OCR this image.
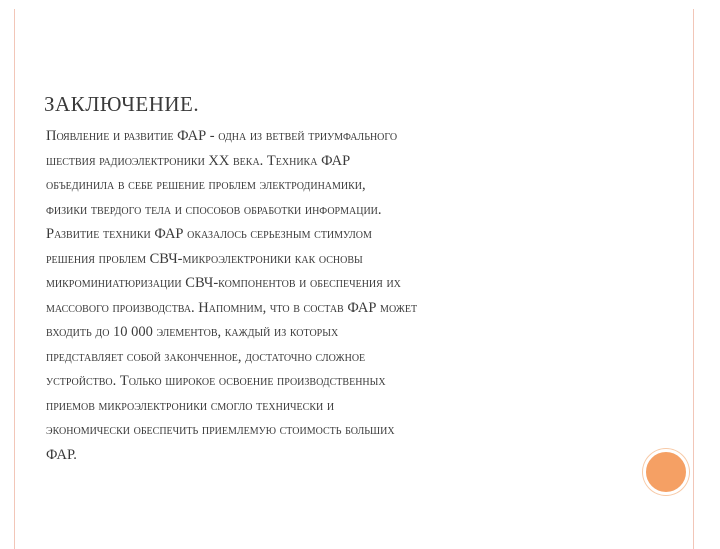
ЗАКЛЮЧЕНИЕ.
Появление и развитие ФАР - одна из ветвей триумфального
шествия радиоэлектроники XX века. Техника ФАР
объединила в себе решение проблем электродинамики,
физики твердого тела и способов обработки информации.
Развитие техники ФАР оказалось серьезным стимулом
решения проблем СВЧ-микроэлектроники как основы
микроминиатюризации СВЧ-компонентов и обеспечения их
массового производства. Напомним, что в состав ФАР может
входить до 10 000 элементов, каждый из которых
представляет собой законченное, достаточно сложное
устройство. Только широкое освоение производственных
приемов микроэлектроники смогло технически и
экономически обеспечить приемлемую стоимость больших
ФАР.
